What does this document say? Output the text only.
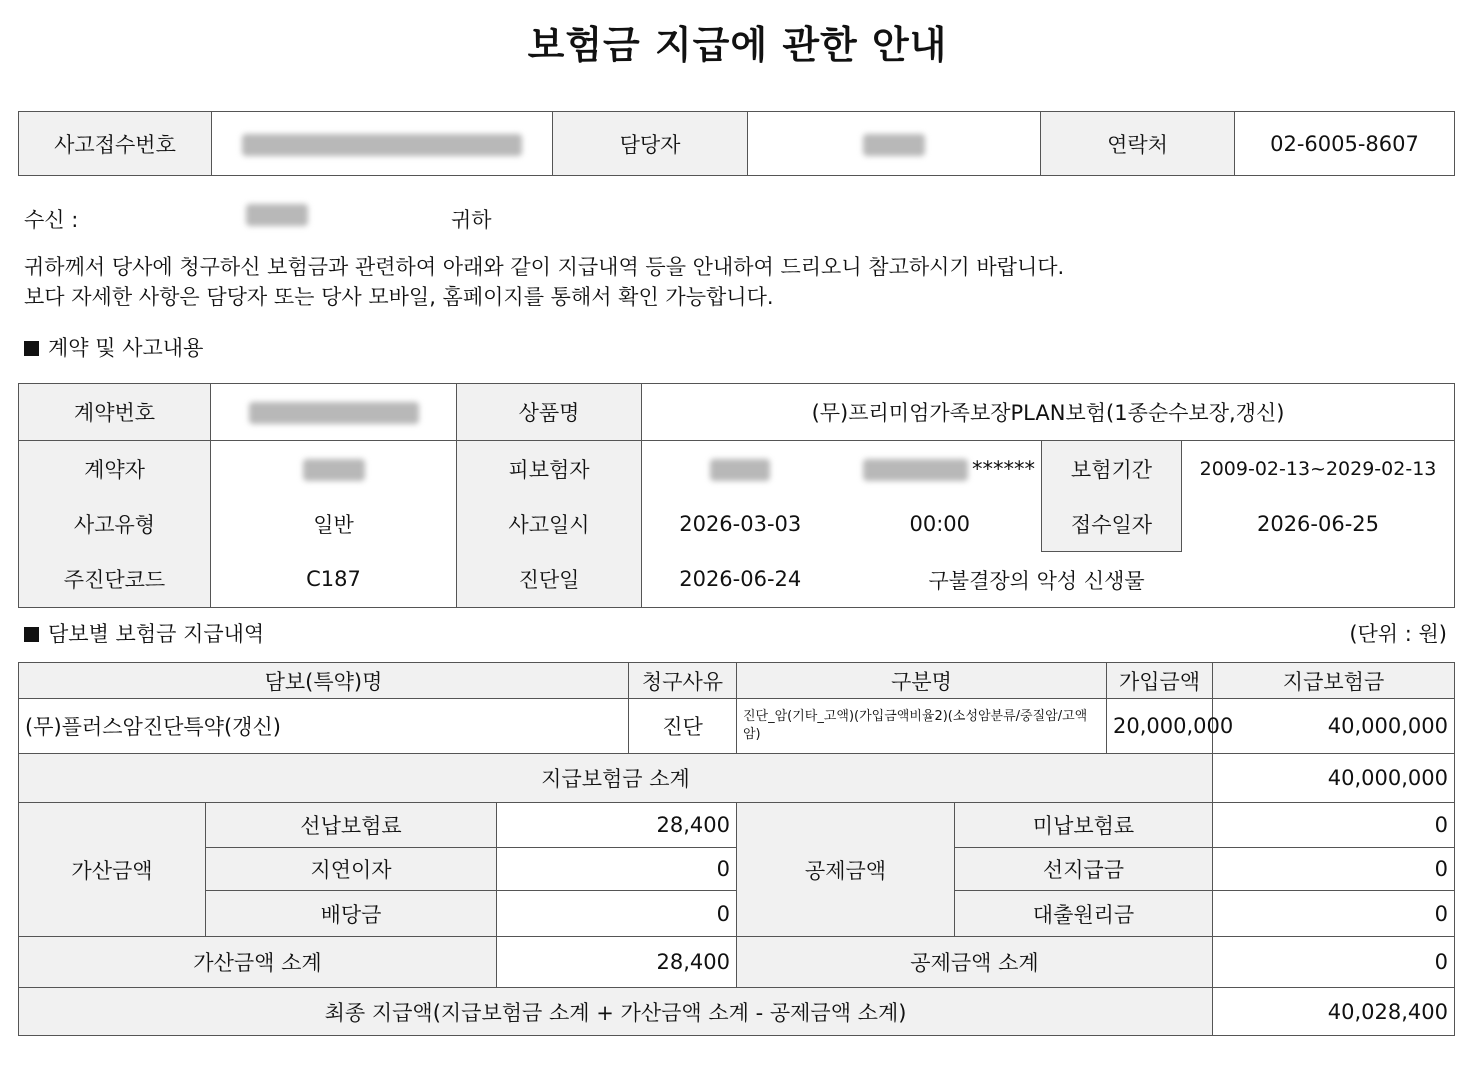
보험금 지급에 관한 안내
사고접수번호		담당자		연락처	02-6005-8607
수신 :	귀하
귀하께서 당사에 청구하신 보험금과 관련하여 아래와 같이 지급내역 등을 안내하여 드리오니 참고하시기 바랍니다.
보다 자세한 사항은 담당자 또는 당사 모바일, 홈페이지를 통해서 확인 가능합니다.
계약 및 사고내용
계약번호		상품명	(무)프리미엄가족보장PLAN보험(1종순수보장,갱신)			
계약자		피보험자		******	보험기간	2009-02-13~2029-02-13
사고유형	일반	사고일시	2026-03-03	00:00	접수일자	2026-06-25
주진단코드	C187	진단일	2026-06-24	구불결장의 악성 신생물		
담보별 보험금 지급내역	(단위 : 원)
담보(특약)명			청구사유	구분명		가입금액	지급보험금
(무)플러스암진단특약(갱신)			진단	진단_암(기타_고액)(가입금액비율2)(소성암분류/중질암/고액암)		20,000,000	40,000,000
지급보험금 소계							40,000,000
가산금액	선납보험료	28,400		공제금액	미납보험료		0
	지연이자	0			선지급금		0
	배당금	0			대출원리금		0
가산금액 소계		28,400		공제금액 소계			0
최종 지급액(지급보험금 소계 + 가산금액 소계 - 공제금액 소계)							40,028,400
